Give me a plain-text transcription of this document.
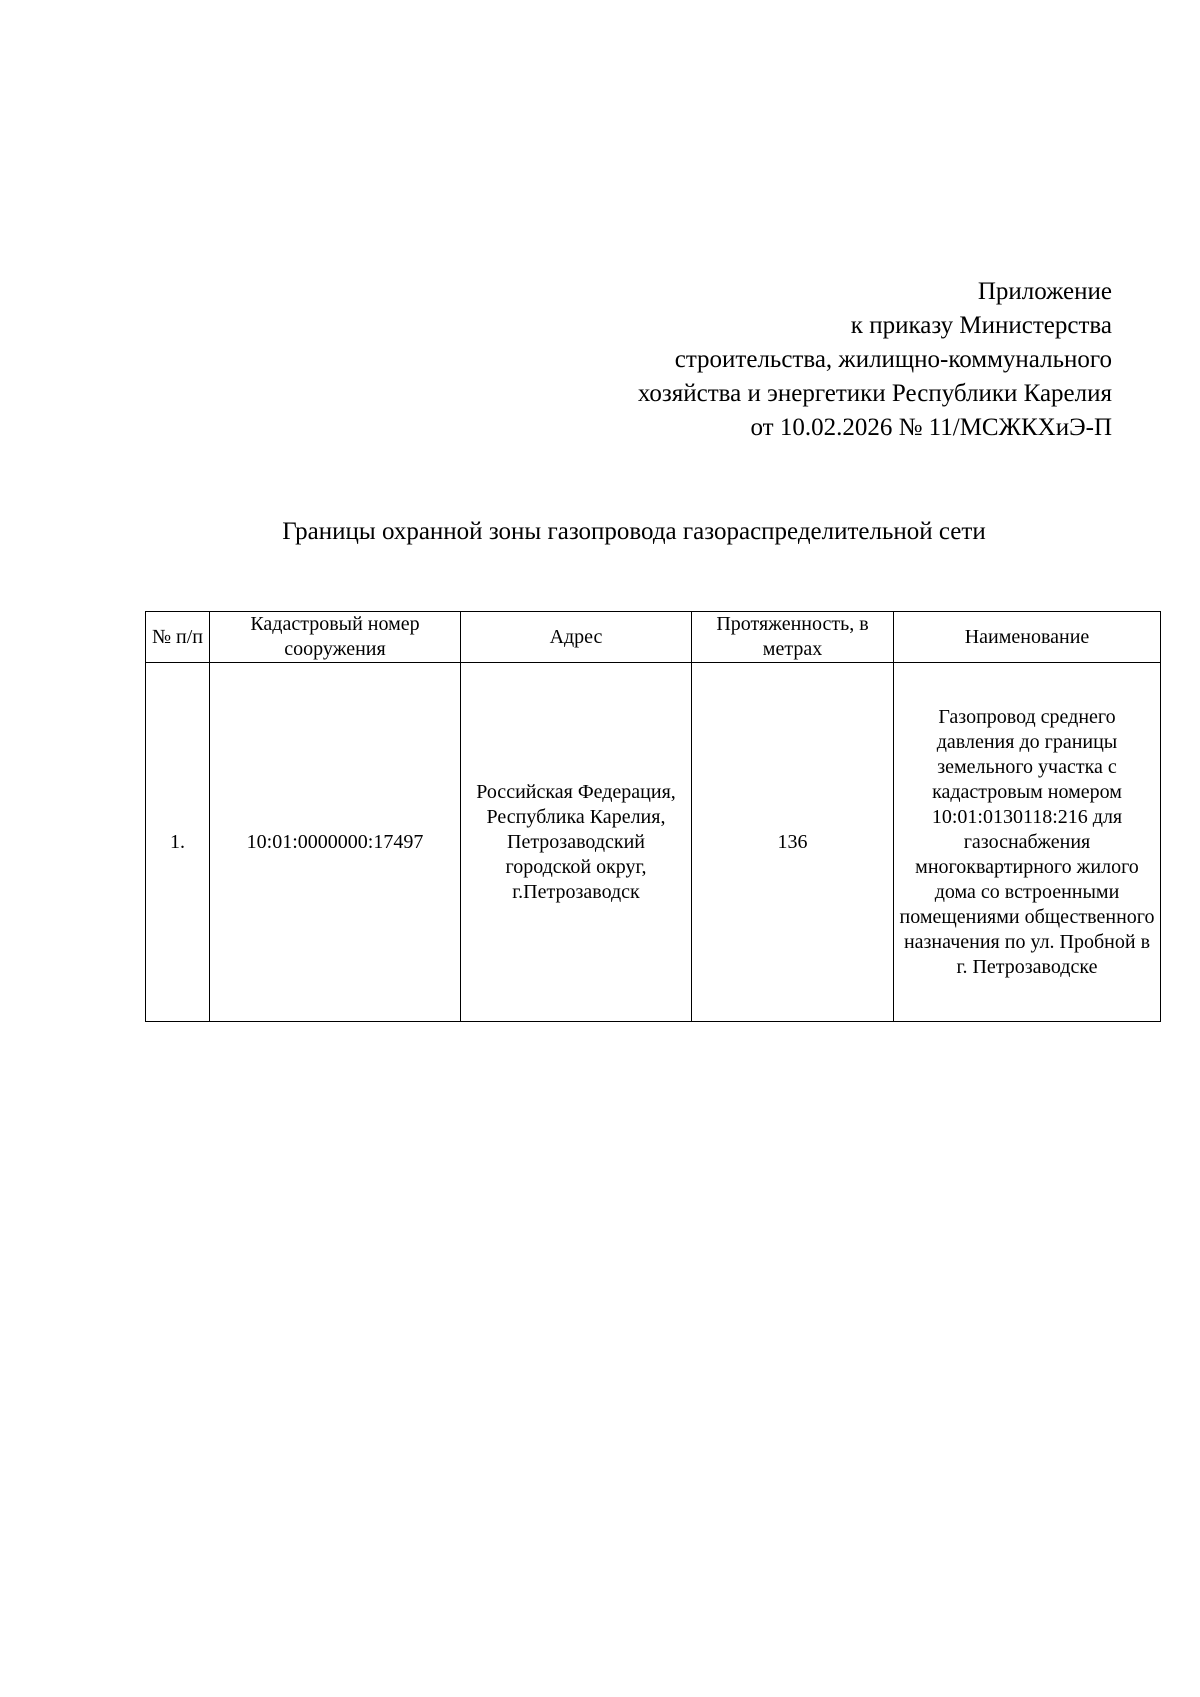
Приложение
к приказу Министерства
строительства, жилищно-коммунального
хозяйства и энергетики Республики Карелия
от 10.02.2026 № 11/МСЖКХиЭ-П
Границы охранной зоны газопровода газораспределительной сети
№ п/п	Кадастровый номер сооружения	Адрес	Протяженность, в метрах	Наименование
1.	10:01:0000000:17497	Российская Федерация, Республика Карелия, Петрозаводский городской округ, г.Петрозаводск	136	Газопровод среднего давления до границы земельного участка с кадастровым номером 10:01:0130118:216 для газоснабжения многоквартирного жилого дома со встроенными помещениями общественного назначения по ул. Пробной в г. Петрозаводске
